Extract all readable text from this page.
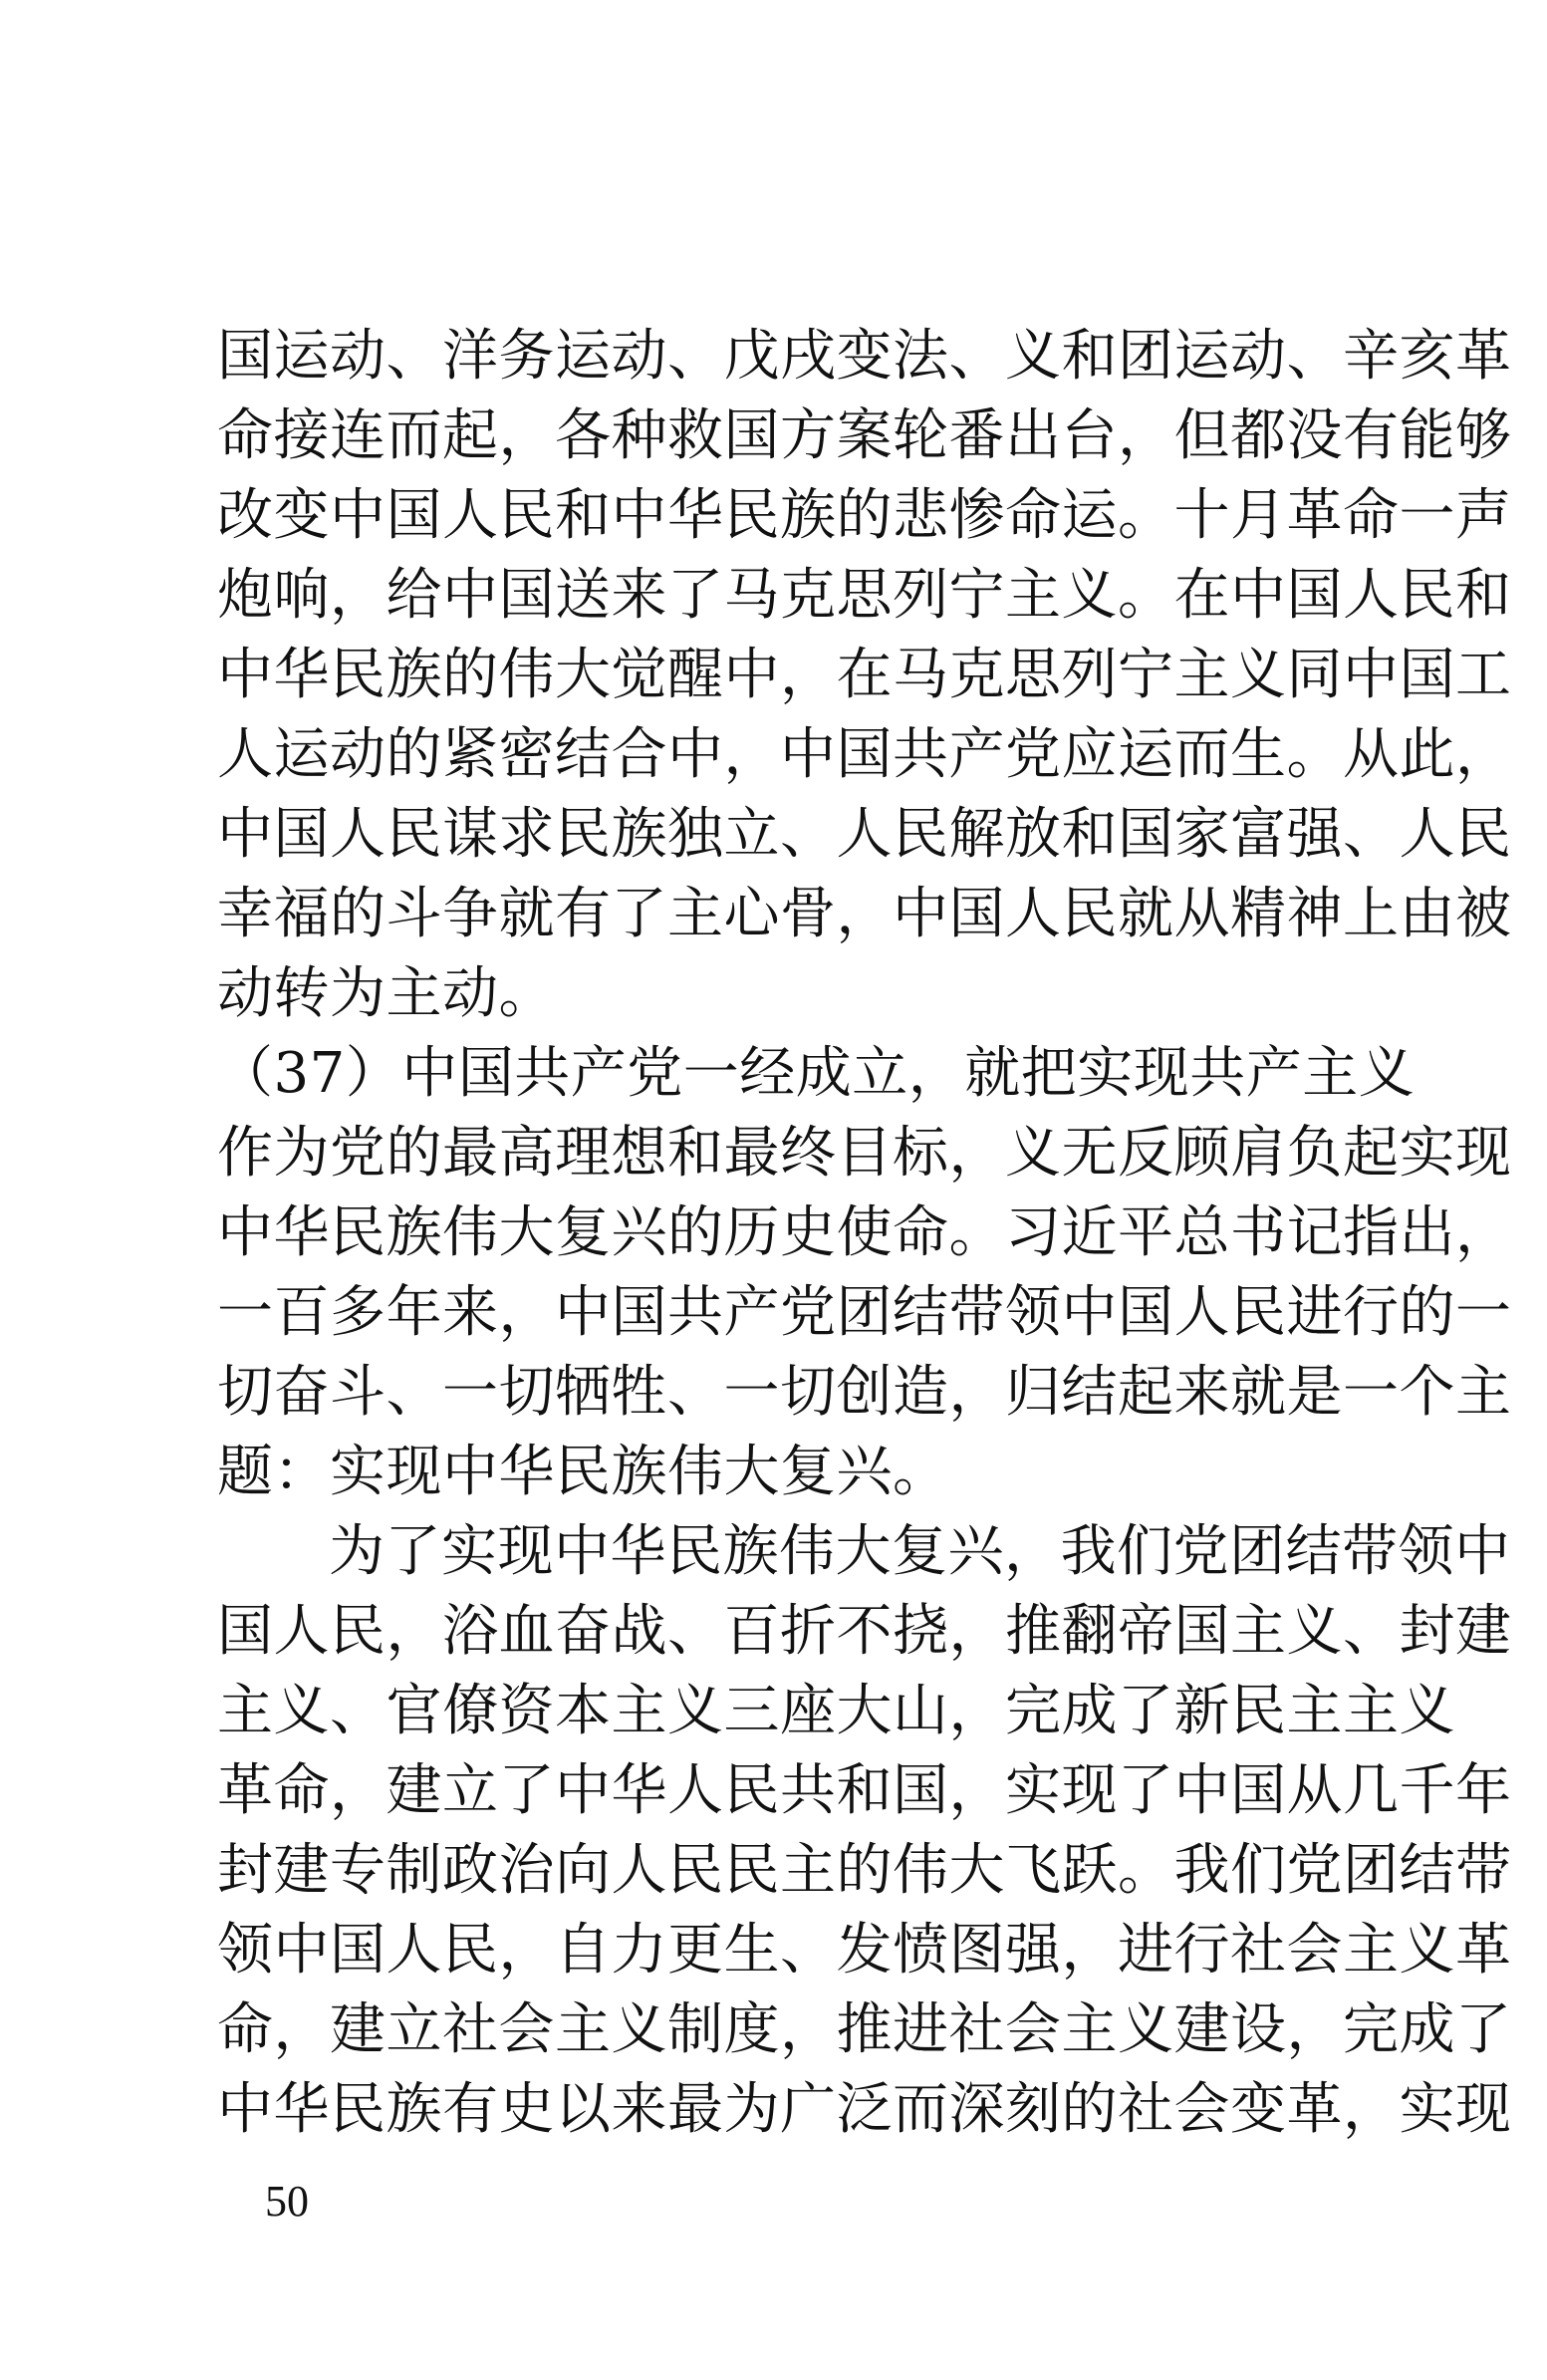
国运动、洋务运动、戊戌变法、义和团运动、辛亥革
命接连而起，各种救国方案轮番出台，但都没有能够
改变中国人民和中华民族的悲惨命运。十月革命一声
炮响，给中国送来了马克思列宁主义。在中国人民和
中华民族的伟大觉醒中，在马克思列宁主义同中国工
人运动的紧密结合中，中国共产党应运而生。从此，
中国人民谋求民族独立、人民解放和国家富强、人民
幸福的斗争就有了主心骨，中国人民就从精神上由被
动转为主动。
（37）中国共产党一经成立，就把实现共产主义
作为党的最高理想和最终目标，义无反顾肩负起实现
中华民族伟大复兴的历史使命。习近平总书记指出，
一百多年来，中国共产党团结带领中国人民进行的一
切奋斗、一切牺牲、一切创造，归结起来就是一个主
题：实现中华民族伟大复兴。
为了实现中华民族伟大复兴，我们党团结带领中
国人民，浴血奋战、百折不挠，推翻帝国主义、封建
主义、官僚资本主义三座大山，完成了新民主主义
革命，建立了中华人民共和国，实现了中国从几千年
封建专制政治向人民民主的伟大飞跃。我们党团结带
领中国人民，自力更生、发愤图强，进行社会主义革
命，建立社会主义制度，推进社会主义建设，完成了
中华民族有史以来最为广泛而深刻的社会变革，实现
50
